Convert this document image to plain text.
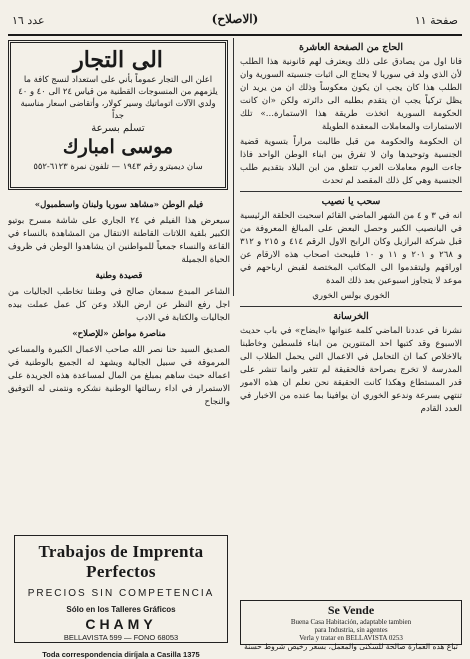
صفحة ١١
(الاصلاح)
عدد ١٦
الحاج من الصفحة العاشرة

فانا اول من يصادق على ذلك ويعترف لهم قانونية هذا الطلب لأن الذي ولد في سوريا لا يحتاج الى اثبات جنسيته السورية وان الطلب هذا كان يجب ان يكون معكوساً وذلك ان من يريد ان يظل تركياً يجب ان يتقدم بطلبه الى دائرته ولكن «ان كانت الحكومة السورية اتخذت طريقة هذا الاستمارة...» تلك الاستمارات والمعاملات المعقدة الطويلة

ان الحكومة والحكومة من قبل طالبت مراراً بتسوية قضية الجنسية وتوحيدها وان لا تفرق بين ابناء الوطن الواحد فاذا جاءت اليوم معاملات العرب تتعلق من ابن البلاد بتقديم طلب الجنسية وهي كل ذلك المقصد لم تحدث

سحب يا نصيب

انه في ٣ و ٤ من الشهر الماضي القائم اسحبت الحلقة الرئيسية في اليانصيب الكبير وحصل البعض على المبالغ المعروفة من قبل شركة البرازيل وكان الرابح الاول الرقم ٤١٤ و ٢١٥ و ٣١٢ و ٢٦٨ و ٢٠١ و ١١ و ١٠ فليبحث اصحاب هذه الارقام عن اوراقهم وليتقدموا الى المكاتب المختصة لقبض ارباحهم في موعد لا يتجاوز اسبوعين بعد ذلك المدة

الخوري بولس الخوري
الخرسانة

نشرنا في عددنا الماضي كلمة عنوانها «ايضاح» في باب حديث الاسبوع وقد كتبها احد المتنورين من ابناء فلسطين وخاطبنا بالاخلاص كما ان التحامل في الاعمال التي يحمل الطلاب الى المدرسة لا تخرج بصراحة فالحقيقة لم تتغير وانما تنشر على قدر المستطاع وهكذا كانت الحقيقة نحن نعلم ان هذه الامور تنتهي بسرعة وندعو الخوري ان يوافينا بما عنده من الاخبار في العدد القادم

الى التجار
اعلن الى التجار عموماً بأني على استعداد لنسج كافة ما يلزمهم من المنسوجات القطنية من قياس ٢٤ الى ٤٠ و ٤٠ ولدي الآلات اتوماتيك وسير كولار، وأتقاضى اسعار مناسبة جداً
تسلم بسرعة
موسى امبارك
سان ديميترو رقم ١٩٤٣ — تلفون نمرة ٦١٢٣-٥٥٢

فيلم الوطن «مشاهد سوريا ولبنان واسطمبول»

سيعرض هذا الفيلم في ٢٤ الجاري على شاشة مسرح بوتيو الكبير بلقية اللاتات القاطنة الانتقال من المشاهدة بالنساء في القاعة والنساء جمعياً للمواطنين ان يشاهدوا الوطن في ظروف الحياة الجميلة

قصيدة وطنية

الشاعر المبدع سمعان صالح في وطننا تخاطب الجاليات من اجل رفع النظر عن ارض البلاد وعن كل عمل عملت بيده الجاليات والكتابة في الادب

مناصرة مواطن «للإصلاح»

الصديق السيد حنا نصر الله صاحب الاعمال الكبيرة والمساعي المرموقة في سبيل الجالية ويشهد له الجميع بالوطنية في اعماله حيث ساهم بمبلغ من المال لمساعدة هذه الجريدة على الاستمرار في اداء رسالتها الوطنية نشكره ونتمنى له التوفيق والنجاح

Trabajos de Imprenta Perfectos
PRECIOS SIN COMPETENCIA
Sólo en los Talleres Gráficos
CHAMY
BELLAVISTA 599 — FONO 68053
Toda correspondencia diríjala a Casilla 1375
Se Vende
Buena Casa Habitación, adaptable tambien
para Industria, sin agentes
Verla y tratar en BELLAVISTA 0253
تباع هذه العمارة صالحة للسكنى والمعمل، بسعر رخيص شروط حسنة
